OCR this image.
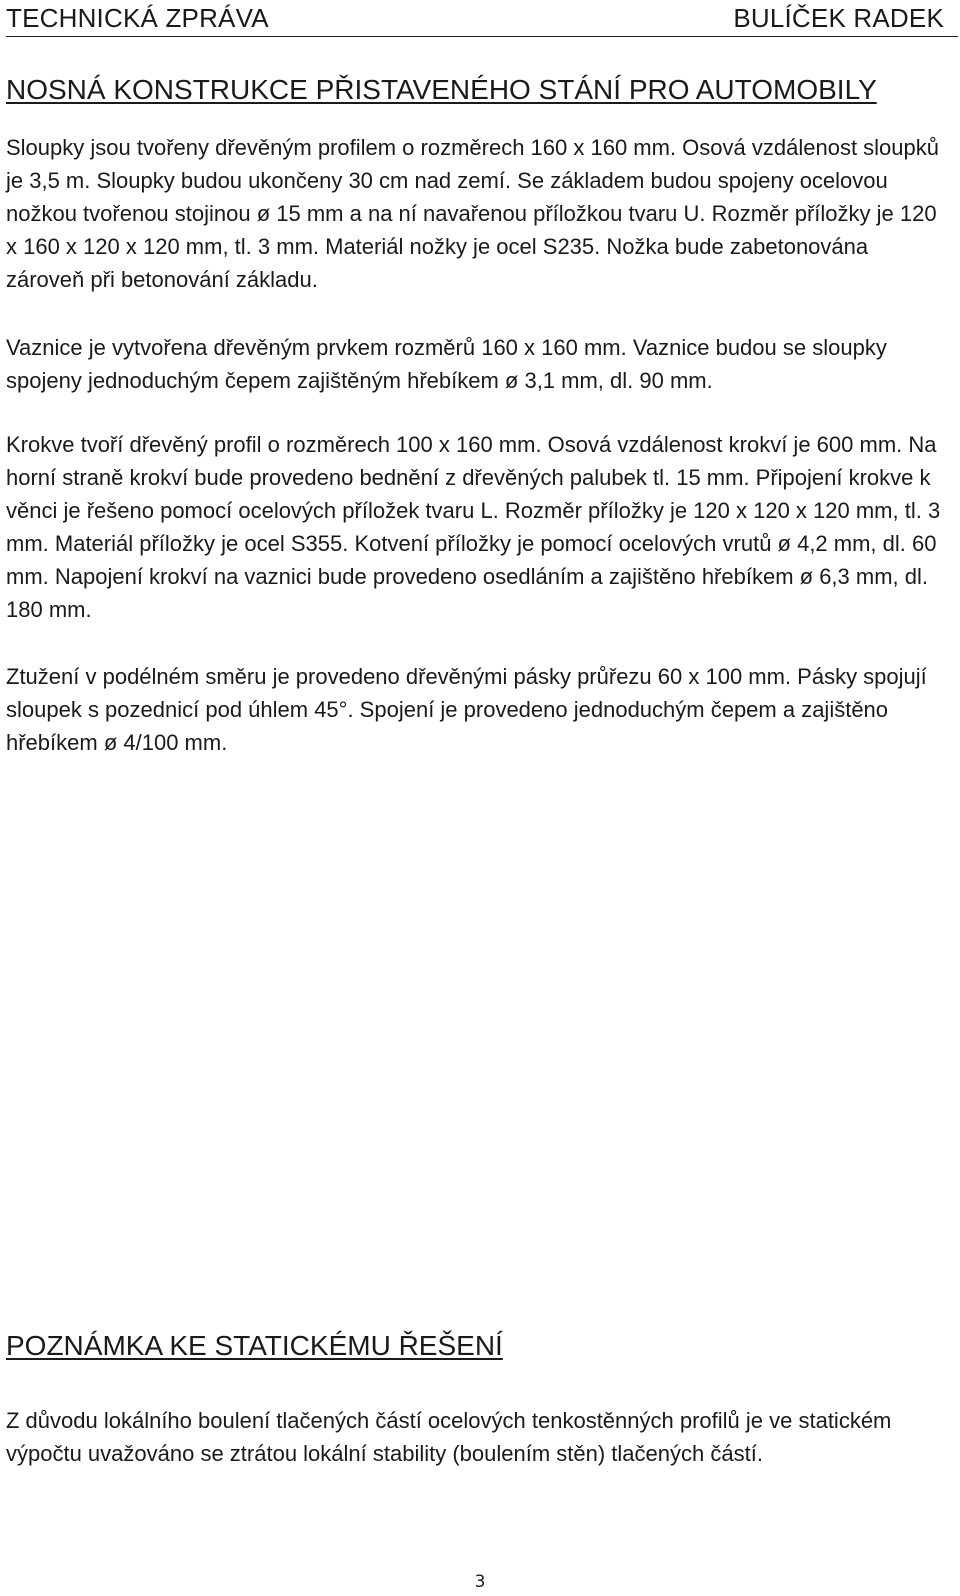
TECHNICKÁ ZPRÁVA	BULÍČEK RADEK
NOSNÁ KONSTRUKCE PŘISTAVENÉHO STÁNÍ PRO AUTOMOBILY

Sloupky jsou tvořeny dřevěným profilem o rozměrech 160 x 160 mm. Osová vzdálenost sloupků je 3,5 m. Sloupky budou ukončeny 30 cm nad zemí. Se základem budou spojeny ocelovou nožkou tvořenou stojinou ø 15 mm a na ní navařenou příložkou tvaru U. Rozměr příložky je 120 x 160 x 120 x 120 mm, tl. 3 mm. Materiál nožky je ocel S235. Nožka bude zabetonována zároveň při betonování základu.

Vaznice je vytvořena dřevěným prvkem rozměrů 160 x 160 mm. Vaznice budou se sloupky spojeny jednoduchým čepem zajištěným hřebíkem ø 3,1 mm, dl. 90 mm.

Krokve tvoří dřevěný profil o rozměrech 100 x 160 mm. Osová vzdálenost krokví je 600 mm. Na horní straně krokví bude provedeno bednění z dřevěných palubek tl. 15 mm. Připojení krokve k věnci je řešeno pomocí ocelových příložek tvaru L. Rozměr příložky je 120 x 120 x 120 mm, tl. 3 mm. Materiál příložky je ocel S355. Kotvení příložky je pomocí ocelových vrutů ø 4,2 mm, dl. 60 mm. Napojení krokví na vaznici bude provedeno osedláním a zajištěno hřebíkem ø 6,3 mm, dl. 180 mm.

Ztužení v podélném směru je provedeno dřevěnými pásky průřezu 60 x 100 mm. Pásky spojují sloupek s pozednicí pod úhlem 45°. Spojení je provedeno jednoduchým čepem a zajištěno hřebíkem ø 4/100 mm.

POZNÁMKA KE STATICKÉMU ŘEŠENÍ

Z důvodu lokálního boulení tlačených částí ocelových tenkostěnných profilů je ve statickém výpočtu uvažováno se ztrátou lokální stability (boulením stěn) tlačených částí.

3
